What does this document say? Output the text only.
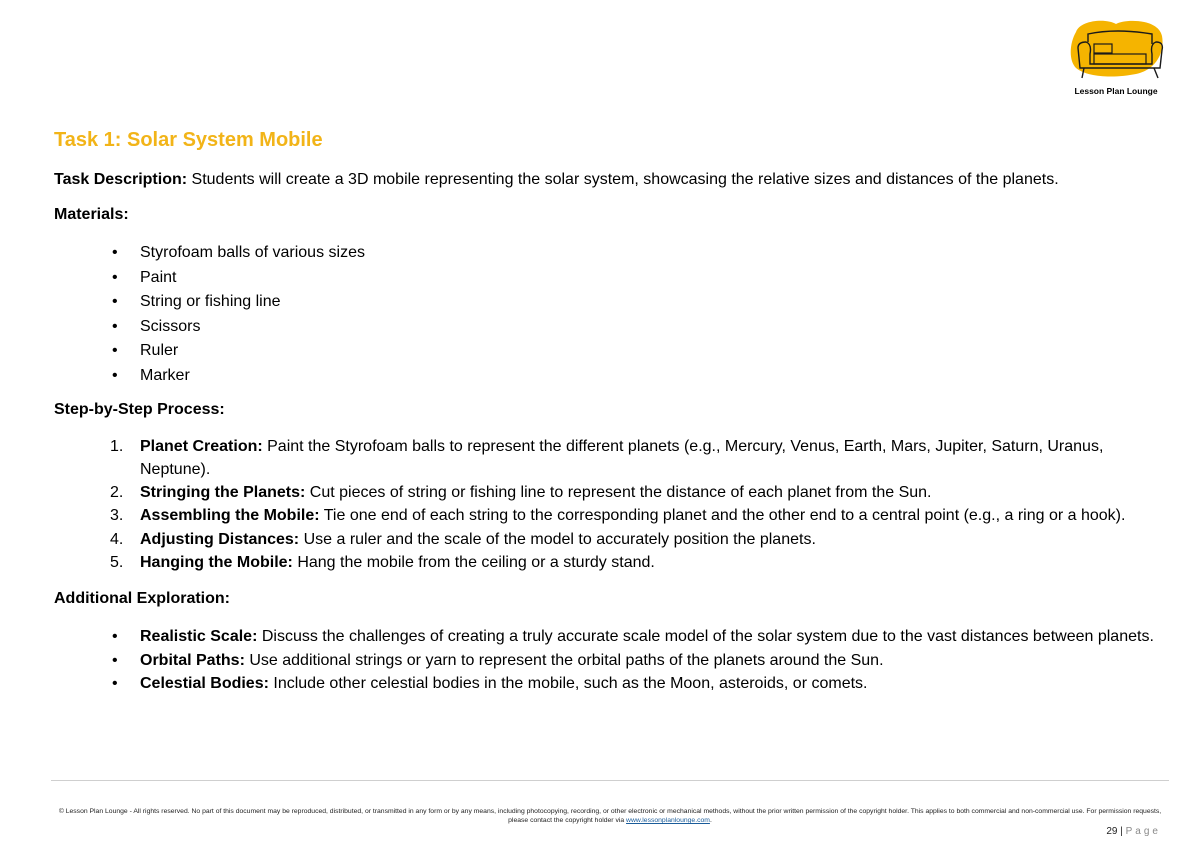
Lesson Plan Lounge
Task 1: Solar System Mobile

Task Description: Students will create a 3D mobile representing the solar system, showcasing the relative sizes and distances of the planets.

Materials:
• Styrofoam balls of various sizes
• Paint
• String or fishing line
• Scissors
• Ruler
• Marker
Step-by-Step Process:
1. Planet Creation: Paint the Styrofoam balls to represent the different planets (e.g., Mercury, Venus, Earth, Mars, Jupiter, Saturn, Uranus, Neptune).
2. Stringing the Planets: Cut pieces of string or fishing line to represent the distance of each planet from the Sun.
3. Assembling the Mobile: Tie one end of each string to the corresponding planet and the other end to a central point (e.g., a ring or a hook).
4. Adjusting Distances: Use a ruler and the scale of the model to accurately position the planets.
5. Hanging the Mobile: Hang the mobile from the ceiling or a sturdy stand.
Additional Exploration:
• Realistic Scale: Discuss the challenges of creating a truly accurate scale model of the solar system due to the vast distances between planets.
• Orbital Paths: Use additional strings or yarn to represent the orbital paths of the planets around the Sun.
• Celestial Bodies: Include other celestial bodies in the mobile, such as the Moon, asteroids, or comets.
© Lesson Plan Lounge - All rights reserved. No part of this document may be reproduced, distributed, or transmitted in any form or by any means, including photocopying, recording, or other electronic or mechanical methods, without the prior written permission of the copyright holder. This applies to both commercial and non-commercial use. For permission requests, please contact the copyright holder via www.lessonplanlounge.com.
29 | Page
